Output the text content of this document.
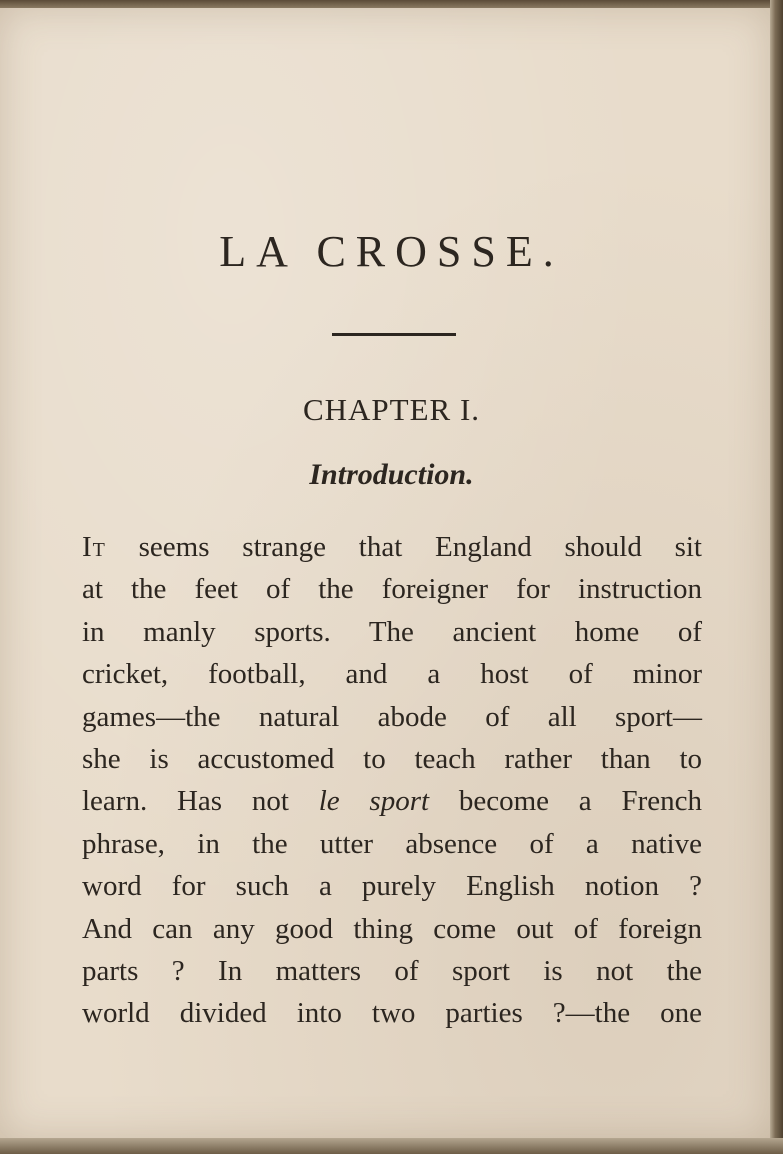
LA CROSSE.
CHAPTER I.
Introduction.

It seems strange that England should sit
at the feet of the foreigner for instruction
in manly sports. The ancient home of
cricket, football, and a host of minor
games—the natural abode of all sport—
she is accustomed to teach rather than to
learn. Has not le sport become a French
phrase, in the utter absence of a native
word for such a purely English notion ?
And can any good thing come out of foreign
parts ? In matters of sport is not the
world divided into two parties ?—the one
